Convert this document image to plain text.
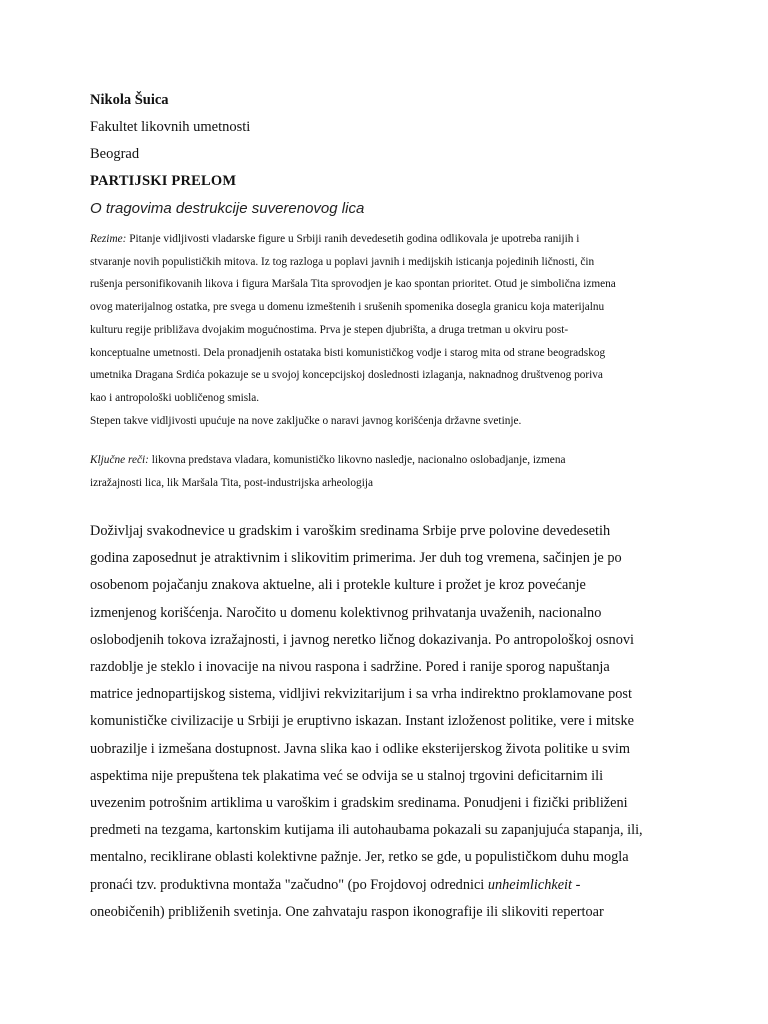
Nikola Šuica
Fakultet likovnih umetnosti
Beograd
PARTIJSKI PRELOM
O tragovima destrukcije suverenovog lica
Rezime: Pitanje vidljivosti vladarske figure u Srbiji ranih devedesetih godina odlikovala je upotreba ranijih i
stvaranje novih populističkih mitova. Iz tog razloga u poplavi javnih i medijskih isticanja pojedinih ličnosti, čin
rušenja personifikovanih likova i figura Maršala Tita sprovodjen je kao spontan prioritet. Otud je simbolična izmena
ovog materijalnog ostatka, pre svega u domenu izmeštenih i srušenih spomenika dosegla granicu koja materijalnu
kulturu regije približava dvojakim mogućnostima. Prva je stepen djubrišta, a druga tretman u okviru post-
konceptualne umetnosti. Dela pronadjenih ostataka bisti komunističkog vodje i starog mita od strane beogradskog
umetnika Dragana Srdića pokazuje se u svojoj koncepcijskoj doslednosti izlaganja, naknadnog društvenog poriva
kao i antropološki uobličenog smisla.
Stepen takve vidljivosti upućuje na nove zaključke o naravi javnog korišćenja državne svetinje.
Ključne reči: likovna predstava vladara, komunističko likovno nasledje, nacionalno oslobadjanje, izmena
izražajnosti lica, lik Maršala Tita, post-industrijska arheologija
Doživljaj svakodnevice u gradskim i varoškim sredinama Srbije prve polovine devedesetih
godina zaposednut je atraktivnim i slikovitim primerima. Jer duh tog vremena, sačinjen je po
osobenom pojačanju znakova aktuelne, ali i protekle kulture i prožet je kroz povećanje
izmenjenog korišćenja. Naročito u domenu kolektivnog prihvatanja uvaženih, nacionalno
oslobodjenih tokova izražajnosti, i javnog neretko ličnog dokazivanja. Po antropološkoj osnovi
razdoblje je steklo i inovacije na nivou raspona i sadržine. Pored i ranije sporog napuštanja
matrice jednopartijskog sistema, vidljivi rekvizitarijum i sa vrha indirektno proklamovane post
komunističke civilizacije u Srbiji je eruptivno iskazan. Instant izloženost politike, vere i mitske
uobrazilje i izmešana dostupnost. Javna slika kao i odlike eksterijerskog života politike u svim
aspektima nije prepuštena tek plakatima već se odvija se u stalnoj trgovini deficitarnim ili
uvezenim potrošnim artiklima u varoškim i gradskim sredinama. Ponudjeni i fizički približeni
predmeti na tezgama, kartonskim kutijama ili autohaubama pokazali su zapanjujuća stapanja, ili,
mentalno, reciklirane oblasti kolektivne pažnje. Jer, retko se gde, u populističkom duhu mogla
pronaći tzv. produktivna montaža "začudno" (po Frojdovoj odrednici unheimlichkeit -
oneobičenih) približenih svetinja. One zahvataju raspon ikonografije ili slikoviti repertoar
